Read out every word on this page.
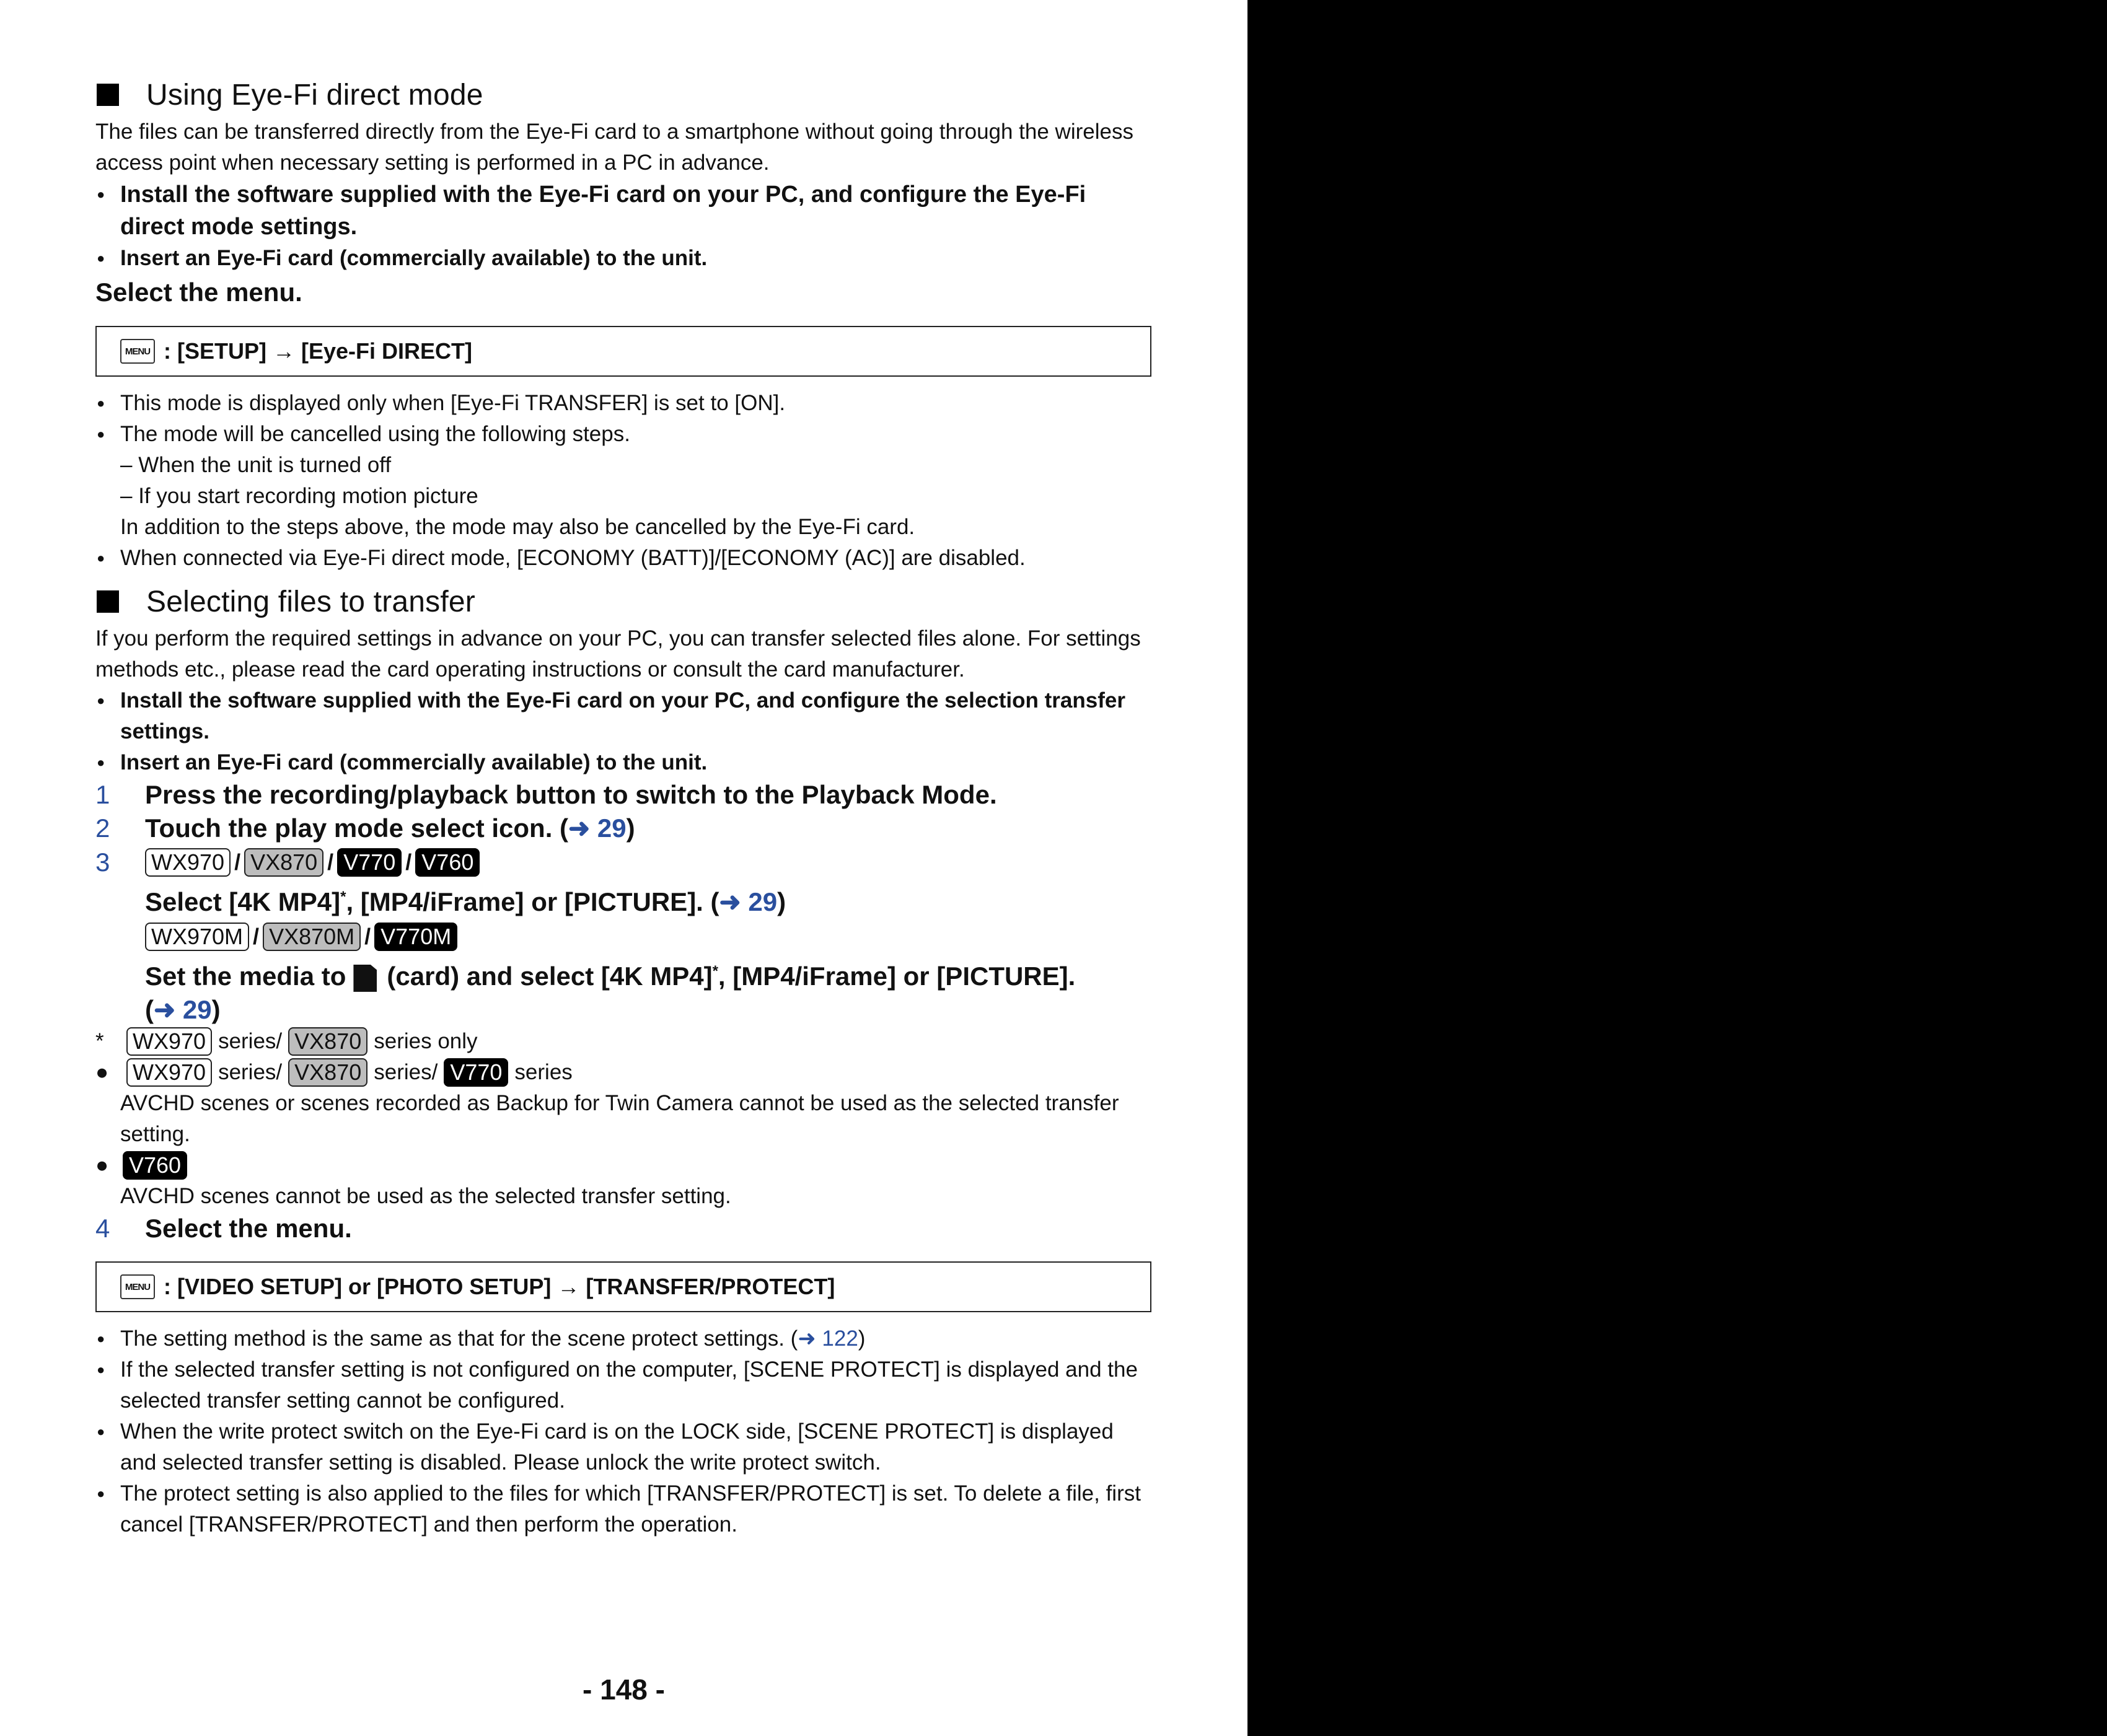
Using Eye-Fi direct mode
The files can be transferred directly from the Eye-Fi card to a smartphone without going through the wireless access point when necessary setting is performed in a PC in advance.
● Install the software supplied with the Eye-Fi card on your PC, and configure the Eye-Fi direct mode settings.
● Insert an Eye-Fi card (commercially available) to the unit.
Select the menu.
MENU : [SETUP] → [Eye-Fi DIRECT]
● This mode is displayed only when [Eye-Fi TRANSFER] is set to [ON].
● The mode will be cancelled using the following steps.
– When the unit is turned off
– If you start recording motion picture
In addition to the steps above, the mode may also be cancelled by the Eye-Fi card.
● When connected via Eye-Fi direct mode, [ECONOMY (BATT)]/[ECONOMY (AC)] are disabled.
Selecting files to transfer
If you perform the required settings in advance on your PC, you can transfer selected files alone. For settings methods etc., please read the card operating instructions or consult the card manufacturer.
● Install the software supplied with the Eye-Fi card on your PC, and configure the selection transfer settings.
● Insert an Eye-Fi card (commercially available) to the unit.
1	Press the recording/playback button to switch to the Playback Mode.
2	Touch the play mode select icon. (➜ 29)
3	WX970 / VX870 / V770 / V760
Select [4K MP4]*, [MP4/iFrame] or [PICTURE]. (➜ 29)
WX970M / VX870M / V770M
Set the media to (card) and select [4K MP4]*, [MP4/iFrame] or [PICTURE].
(➜ 29)
*	WX970 series/ VX870 series only
●	WX970 series/ VX870 series/ V770 series
AVCHD scenes or scenes recorded as Backup for Twin Camera cannot be used as the selected transfer setting.
● V760
AVCHD scenes cannot be used as the selected transfer setting.
4	Select the menu.
MENU : [VIDEO SETUP] or [PHOTO SETUP] → [TRANSFER/PROTECT]
● The setting method is the same as that for the scene protect settings. (➜ 122)
● If the selected transfer setting is not configured on the computer, [SCENE PROTECT] is displayed and the selected transfer setting cannot be configured.
● When the write protect switch on the Eye-Fi card is on the LOCK side, [SCENE PROTECT] is displayed and selected transfer setting is disabled. Please unlock the write protect switch.
● The protect setting is also applied to the files for which [TRANSFER/PROTECT] is set. To delete a file, first cancel [TRANSFER/PROTECT] and then perform the operation.
- 148 -
